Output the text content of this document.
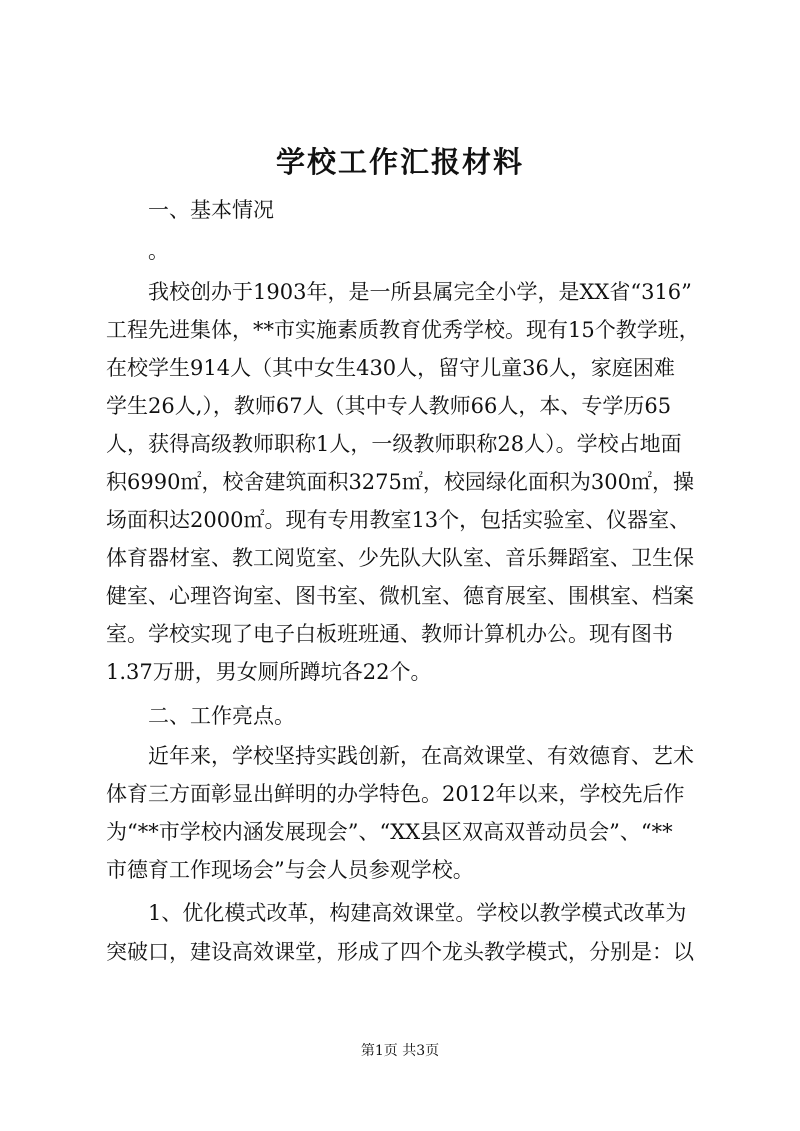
学校工作汇报材料
一、基本情况
。
我校创办于1903年，是一所县属完全小学，是XX省“316”
工程先进集体，**市实施素质教育优秀学校。现有15个教学班，
在校学生914人（其中女生430人，留守儿童36人，家庭困难
学生26人,），教师67人（其中专人教师66人，本、专学历65
人，获得高级教师职称1人，一级教师职称28人）。学校占地面
积6990㎡，校舍建筑面积3275㎡，校园绿化面积为300㎡，操
场面积达2000㎡。现有专用教室13个，包括实验室、仪器室、
体育器材室、教工阅览室、少先队大队室、音乐舞蹈室、卫生保
健室、心理咨询室、图书室、微机室、德育展室、围棋室、档案
室。学校实现了电子白板班班通、教师计算机办公。现有图书
1.37万册，男女厕所蹲坑各22个。
二、工作亮点。
近年来，学校坚持实践创新，在高效课堂、有效德育、艺术
体育三方面彰显出鲜明的办学特色。2012年以来，学校先后作
为“**市学校内涵发展现会”、“XX县区双高双普动员会”、“**
市德育工作现场会”与会人员参观学校。
1、优化模式改革，构建高效课堂。学校以教学模式改革为
突破口，建设高效课堂，形成了四个龙头教学模式，分别是：以
第1页 共3页
